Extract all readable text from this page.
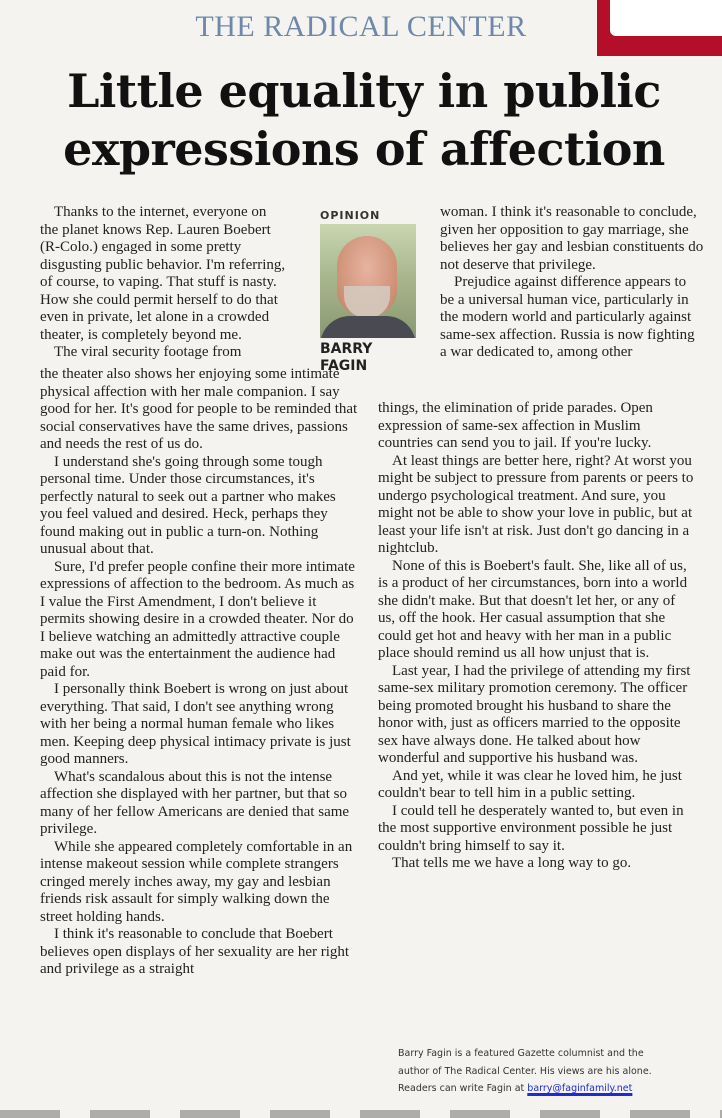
THE RADICAL CENTER
Little equality in public expressions of affection

Thanks to the internet, everyone on the planet knows Rep. Lauren Boebert (R-Colo.) engaged in some pretty disgusting public behavior. I'm referring, of course, to vaping. That stuff is nasty. How she could permit herself to do that even in private, let alone in a crowded theater, is completely beyond me.

The viral security footage from

OPINION
BARRY
FAGIN

the theater also shows her enjoying some intimate physical affection with her male companion. I say good for her. It's good for people to be reminded that social conservatives have the same drives, passions and needs the rest of us do.

I understand she's going through some tough personal time. Under those circumstances, it's perfectly natural to seek out a partner who makes you feel valued and desired. Heck, perhaps they found making out in public a turn-on. Nothing unusual about that.

Sure, I'd prefer people confine their more intimate expressions of affection to the bedroom. As much as I value the First Amendment, I don't believe it permits showing desire in a crowded theater. Nor do I believe watching an admittedly attractive couple make out was the entertainment the audience had paid for.

I personally think Boebert is wrong on just about everything. That said, I don't see anything wrong with her being a normal human female who likes men. Keeping deep physical intimacy private is just good manners.

What's scandalous about this is not the intense affection she displayed with her partner, but that so many of her fellow Americans are denied that same privilege.

While she appeared completely comfortable in an intense makeout session while complete strangers cringed merely inches away, my gay and lesbian friends risk assault for simply walking down the street holding hands.

I think it's reasonable to conclude that Boebert believes open displays of her sexuality are her right and privilege as a straight

woman. I think it's reasonable to conclude, given her opposition to gay marriage, she believes her gay and lesbian constituents do not deserve that privilege.

Prejudice against difference appears to be a universal human vice, particularly in the modern world and particularly against same-sex affection. Russia is now fighting a war dedicated to, among other

things, the elimination of pride parades. Open expression of same-sex affection in Muslim countries can send you to jail. If you're lucky.

At least things are better here, right? At worst you might be subject to pressure from parents or peers to undergo psychological treatment. And sure, you might not be able to show your love in public, but at least your life isn't at risk. Just don't go dancing in a nightclub.

None of this is Boebert's fault. She, like all of us, is a product of her circumstances, born into a world she didn't make. But that doesn't let her, or any of us, off the hook. Her casual assumption that she could get hot and heavy with her man in a public place should remind us all how unjust that is.

Last year, I had the privilege of attending my first same-sex military promotion ceremony. The officer being promoted brought his husband to share the honor with, just as officers married to the opposite sex have always done. He talked about how wonderful and supportive his husband was.

And yet, while it was clear he loved him, he just couldn't bear to tell him in a public setting.

I could tell he desperately wanted to, but even in the most supportive environment possible he just couldn't bring himself to say it.

That tells me we have a long way to go.

Barry Fagin is a featured Gazette columnist and the
author of The Radical Center. His views are his alone.
Readers can write Fagin at barry@faginfamily.net
